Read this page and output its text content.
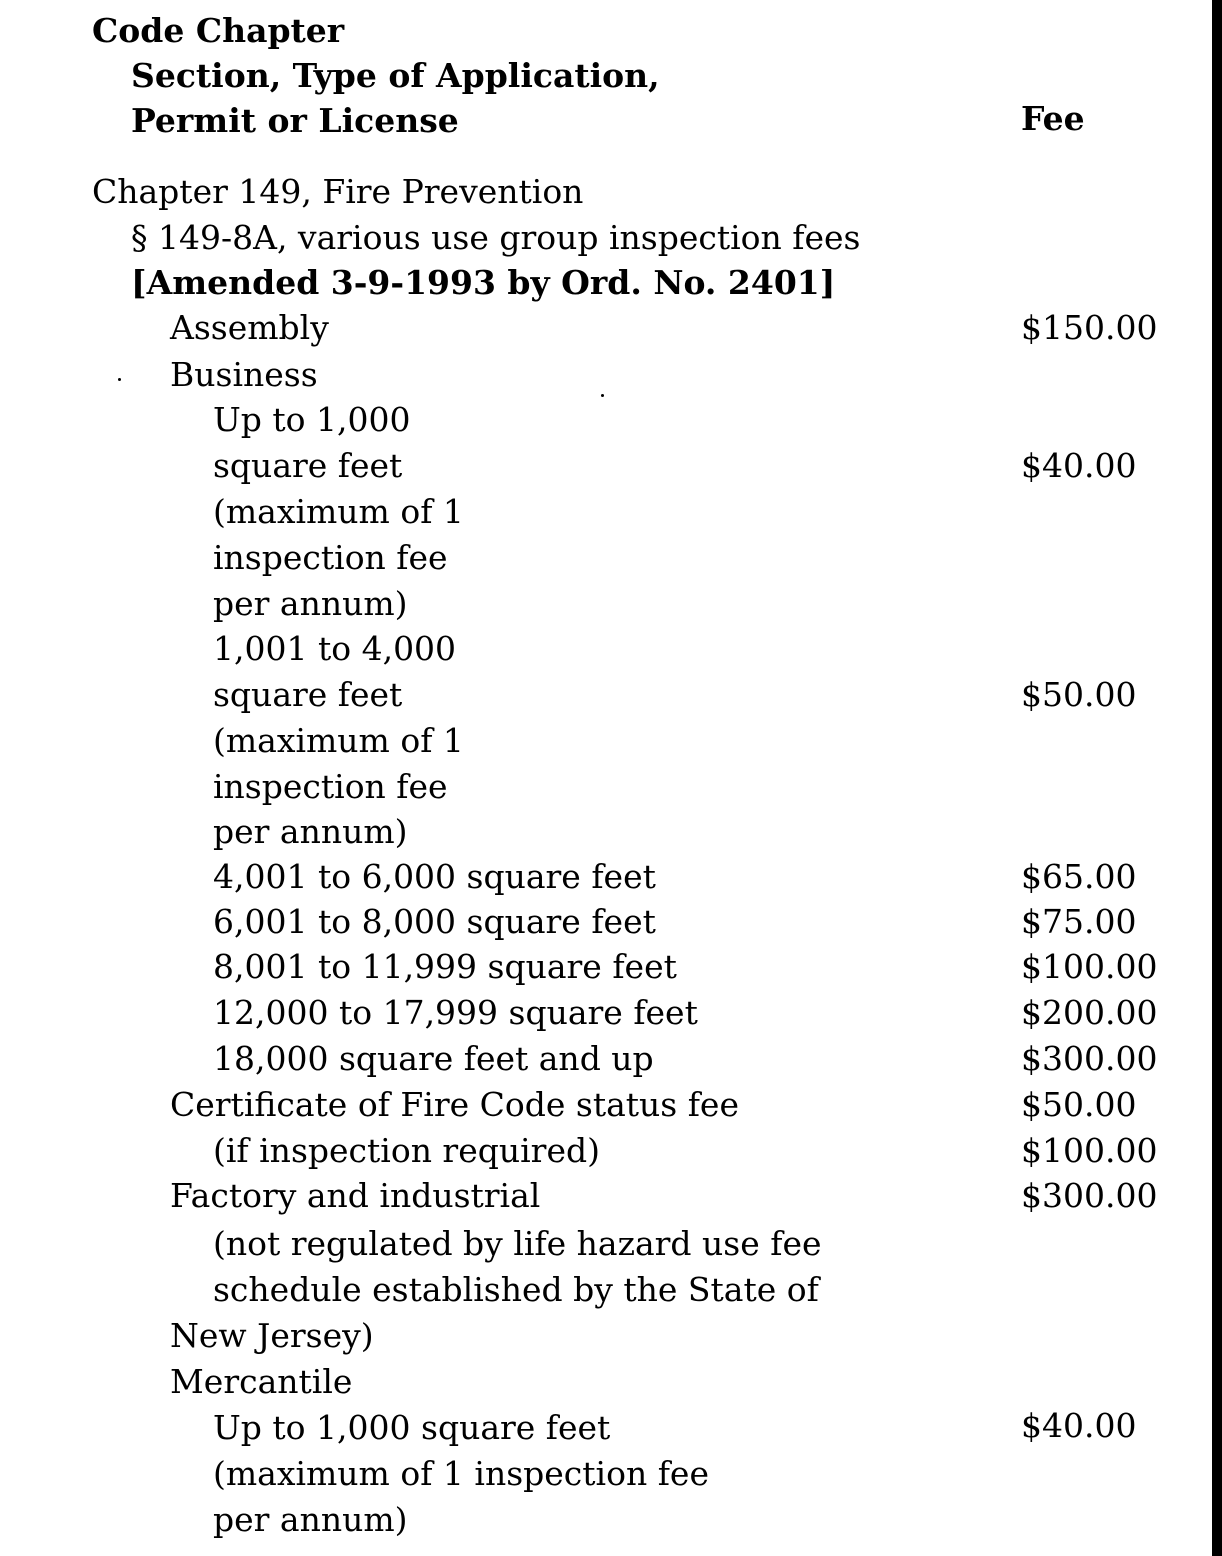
Code Chapter
Section, Type of Application,
Permit or License	Fee
Chapter 149, Fire Prevention
§ 149-8A, various use group inspection fees
[Amended 3-9-1993 by Ord. No. 2401]
Assembly	$150.00
Business
Up to 1,000
square feet	$40.00
(maximum of 1
inspection fee
per annum)
1,001 to 4,000
square feet	$50.00
(maximum of 1
inspection fee
per annum)
4,001 to 6,000 square feet	$65.00
6,001 to 8,000 square feet	$75.00
8,001 to 11,999 square feet	$100.00
12,000 to 17,999 square feet	$200.00
18,000 square feet and up	$300.00
Certificate of Fire Code status fee	$50.00
(if inspection required)	$100.00
Factory and industrial	$300.00
(not regulated by life hazard use fee
schedule established by the State of
New Jersey)
Mercantile
Up to 1,000 square feet	$40.00
(maximum of 1 inspection fee
per annum)
